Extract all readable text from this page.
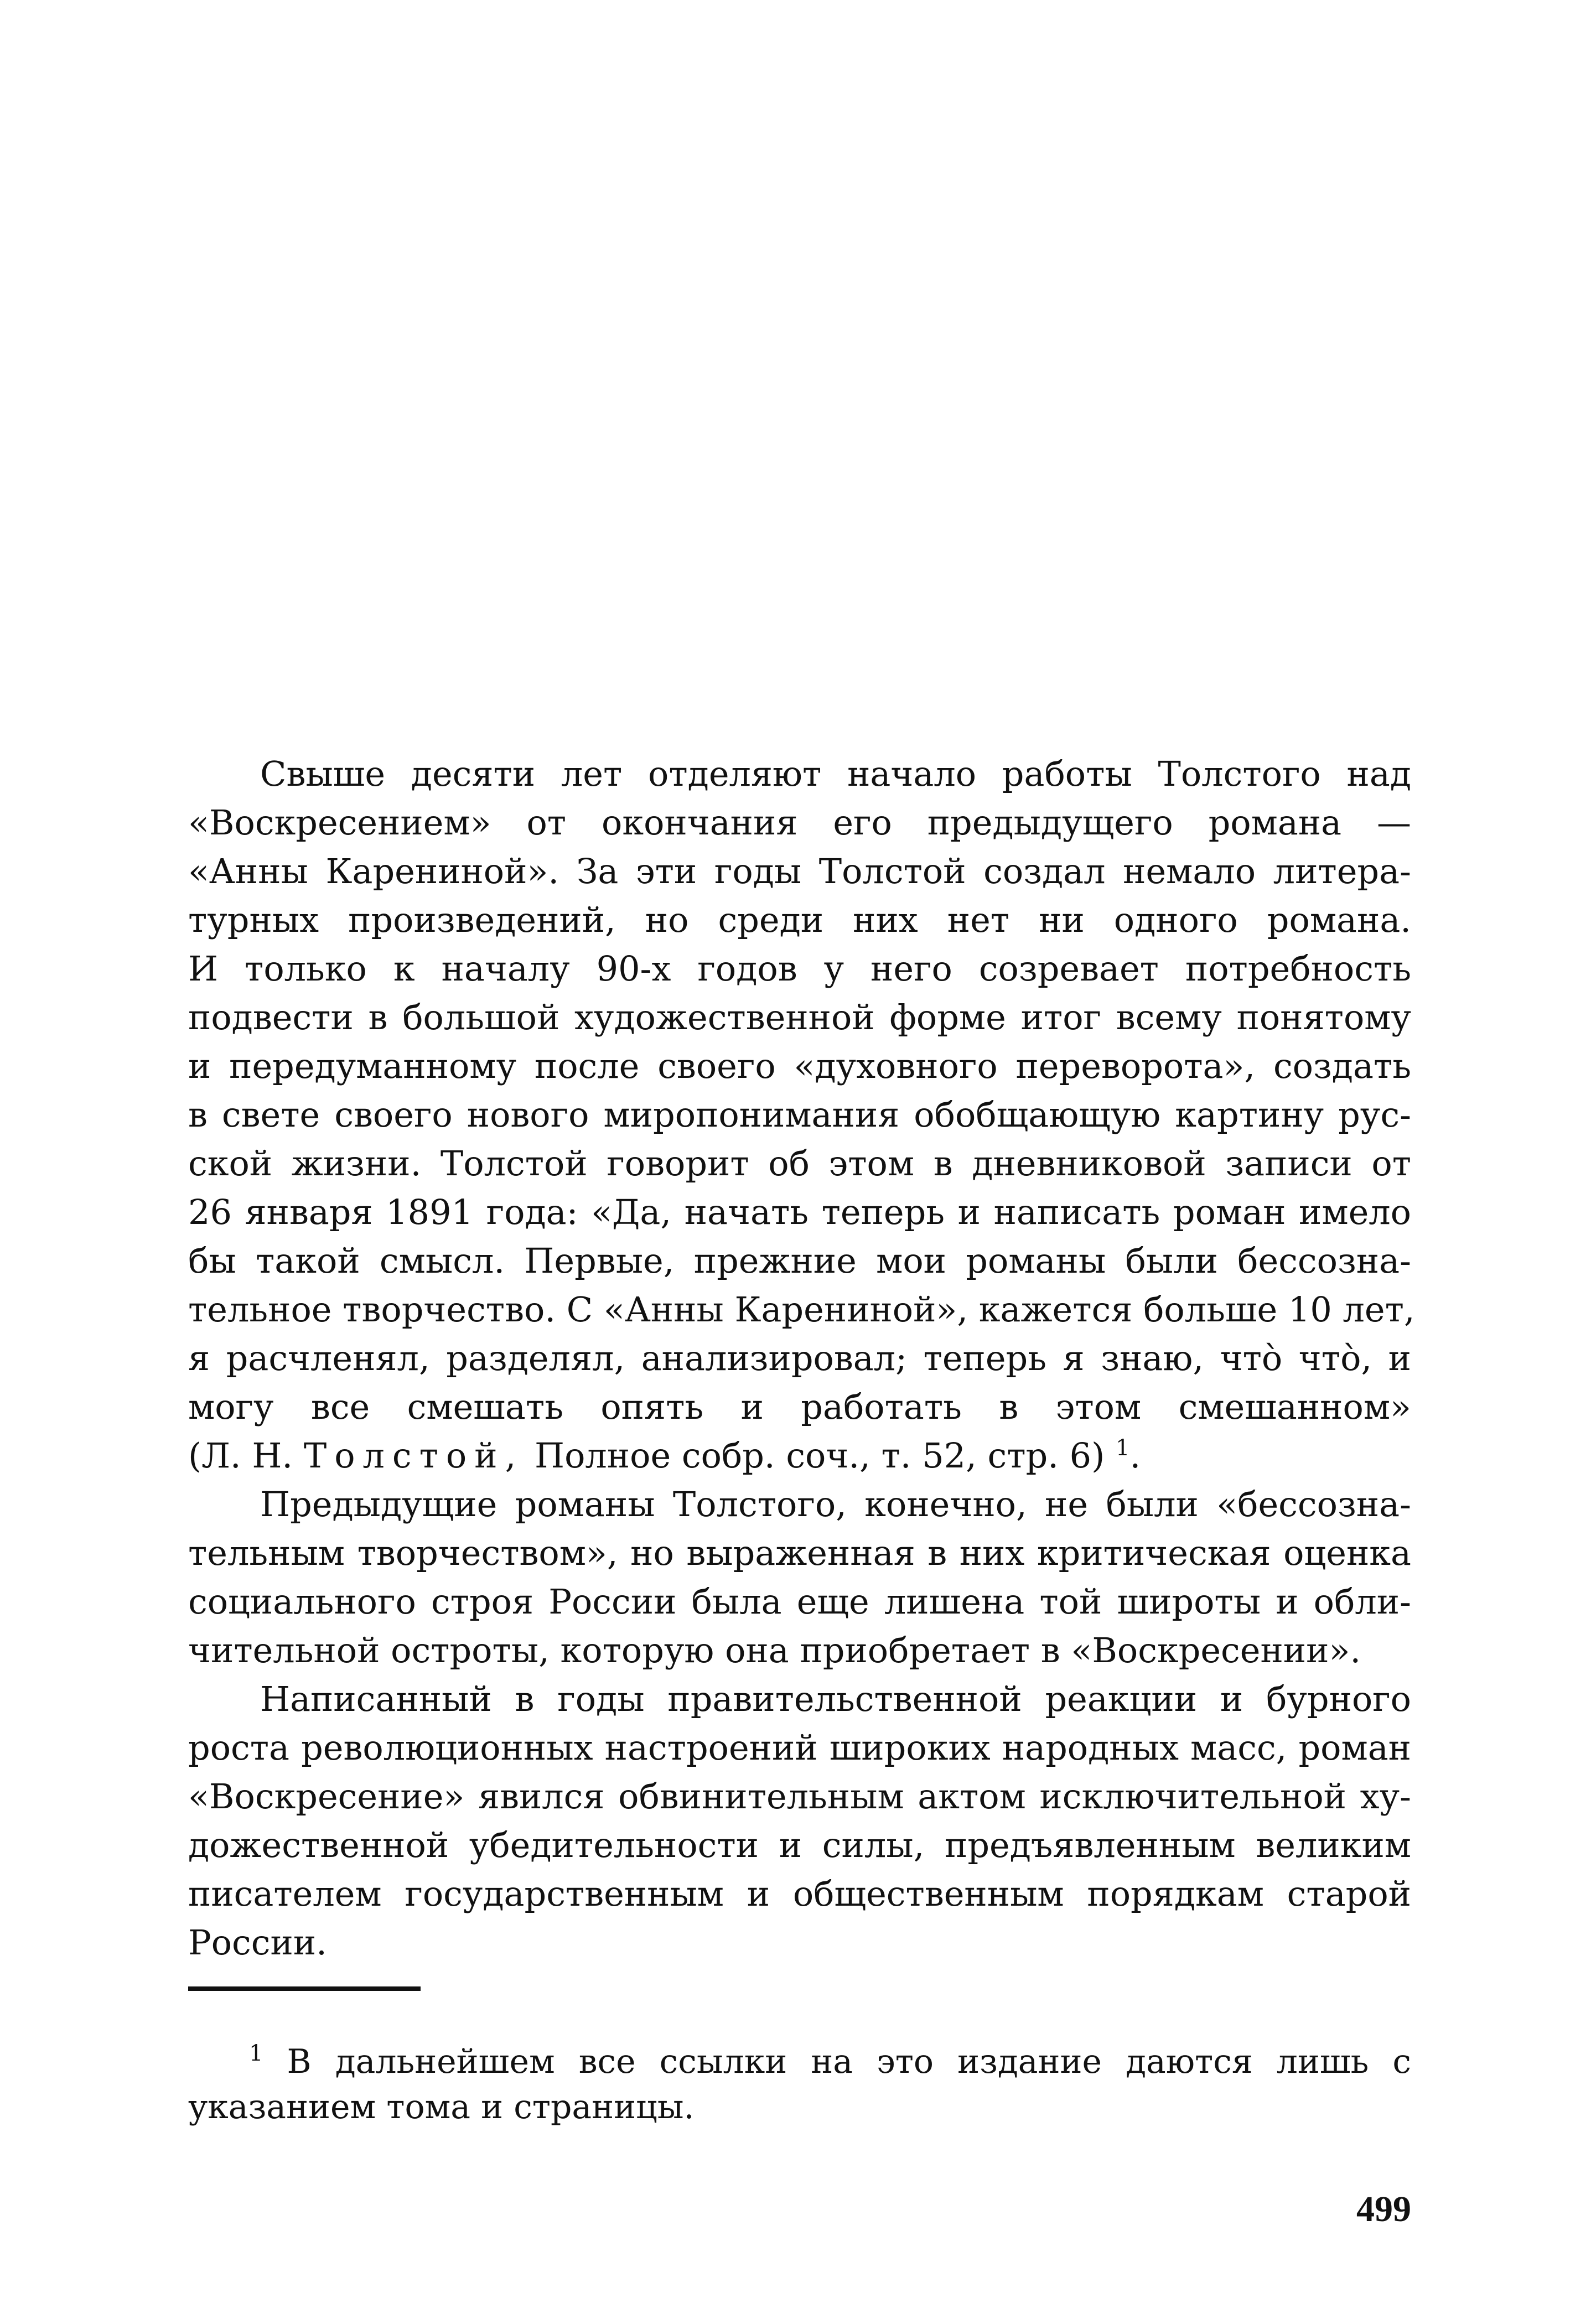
Свыше десяти лет отделяют начало работы Толстого над
«Воскресением» от окончания его предыдущего романа —
«Анны Карениной». За эти годы Толстой создал немало литера-
турных произведений, но среди них нет ни одного романа.
И только к началу 90-х годов у него созревает потребность
подвести в большой художественной форме итог всему понятому
и передуманному после своего «духовного переворота», создать
в свете своего нового миропонимания обобщающую картину рус-
ской жизни. Толстой говорит об этом в дневниковой записи от
26 января 1891 года: «Да, начать теперь и написать роман имело
бы такой смысл. Первые, прежние мои романы были бессозна-
тельное творчество. С «Анны Карениной», кажется больше 10 лет,
я расчленял, разделял, анализировал; теперь я знаю, что̀ что̀, и
могу все смешать опять и работать в этом смешанном»
(Л. Н. Толстой, Полное собр. соч., т. 52, стр. 6) $^1$.

Предыдущие романы Толстого, конечно, не были «бессозна-
тельным творчеством», но выраженная в них критическая оценка
социального строя России была еще лишена той широты и обли-
чительной остроты, которую она приобретает в «Воскресении».

Написанный в годы правительственной реакции и бурного
роста революционных настроений широких народных масс, роман
«Воскресение» явился обвинительным актом исключительной ху-
дожественной убедительности и силы, предъявленным великим
писателем государственным и общественным порядкам старой
России.

$^1$ В дальнейшем все ссылки на это издание даются лишь с
указанием тома и страницы.
499
